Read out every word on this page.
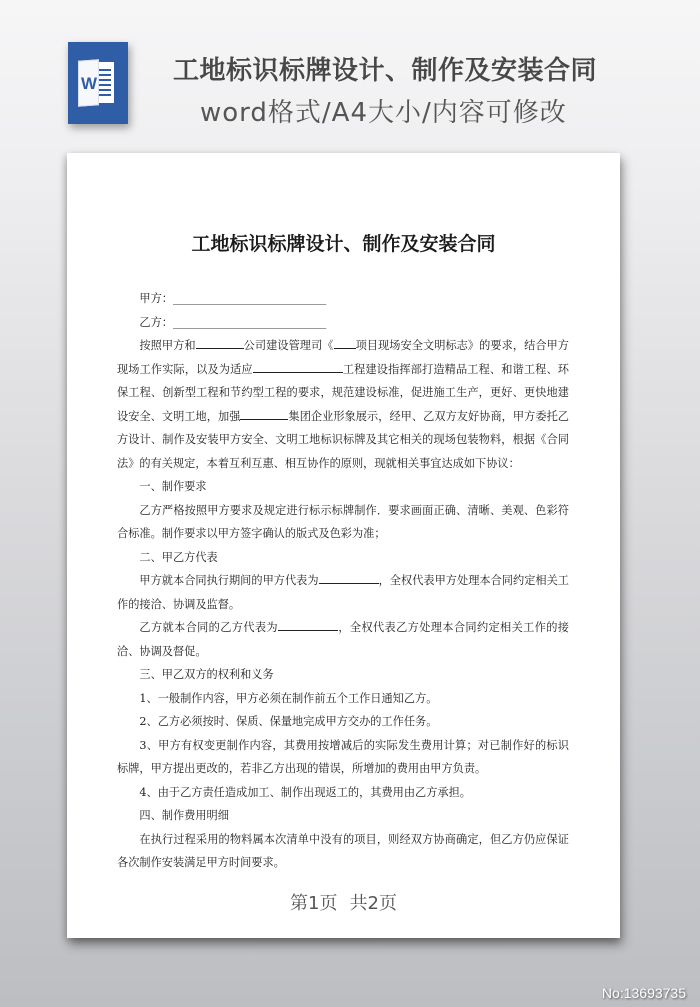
W	工地标识标牌设计、制作及安装合同
word格式/A4大小/内容可修改
工地标识标牌设计、制作及安装合同

甲方：______________________________

乙方：______________________________

按照甲方和	公司建设管理司《 项目现场安全文明标志》的要求，结合甲方现场工作实际，以及为适应	工程建设指挥部打造精品工程、和谐工程、环保工程、创新型工程和节约型工程的要求，规范建设标准，促进施工生产，更好、更快地建设安全、文明工地，加强	集团企业形象展示，经甲、乙双方友好协商，甲方委托乙方设计、制作及安装甲方安全、文明工地标识标牌及其它相关的现场包装物料，根据《合同法》的有关规定，本着互利互惠、相互协作的原则，现就相关事宜达成如下协议：

一、制作要求

乙方严格按照甲方要求及规定进行标示标牌制作．要求画面正确、清晰、美观、色彩符合标准。制作要求以甲方签字确认的版式及色彩为准；

二、甲乙方代表

甲方就本合同执行期间的甲方代表为	，全权代表甲方处理本合同约定相关工作的接洽、协调及监督。

乙方就本合同的乙方代表为	，全权代表乙方处理本合同约定相关工作的接洽、协调及督促。

三、甲乙双方的权利和义务

1、一般制作内容，甲方必须在制作前五个工作日通知乙方。

2、乙方必须按时、保质、保量地完成甲方交办的工作任务。

3、甲方有权变更制作内容，其费用按增减后的实际发生费用计算；对已制作好的标识标牌，甲方提出更改的，若非乙方出现的错误，所增加的费用由甲方负责。

4、由于乙方责任造成加工、制作出现返工的，其费用由乙方承担。

四、制作费用明细

在执行过程采用的物料属本次清单中没有的项目，则经双方协商确定，但乙方仍应保证各次制作安装满足甲方时间要求。

第1页 共2页
No:13693735
